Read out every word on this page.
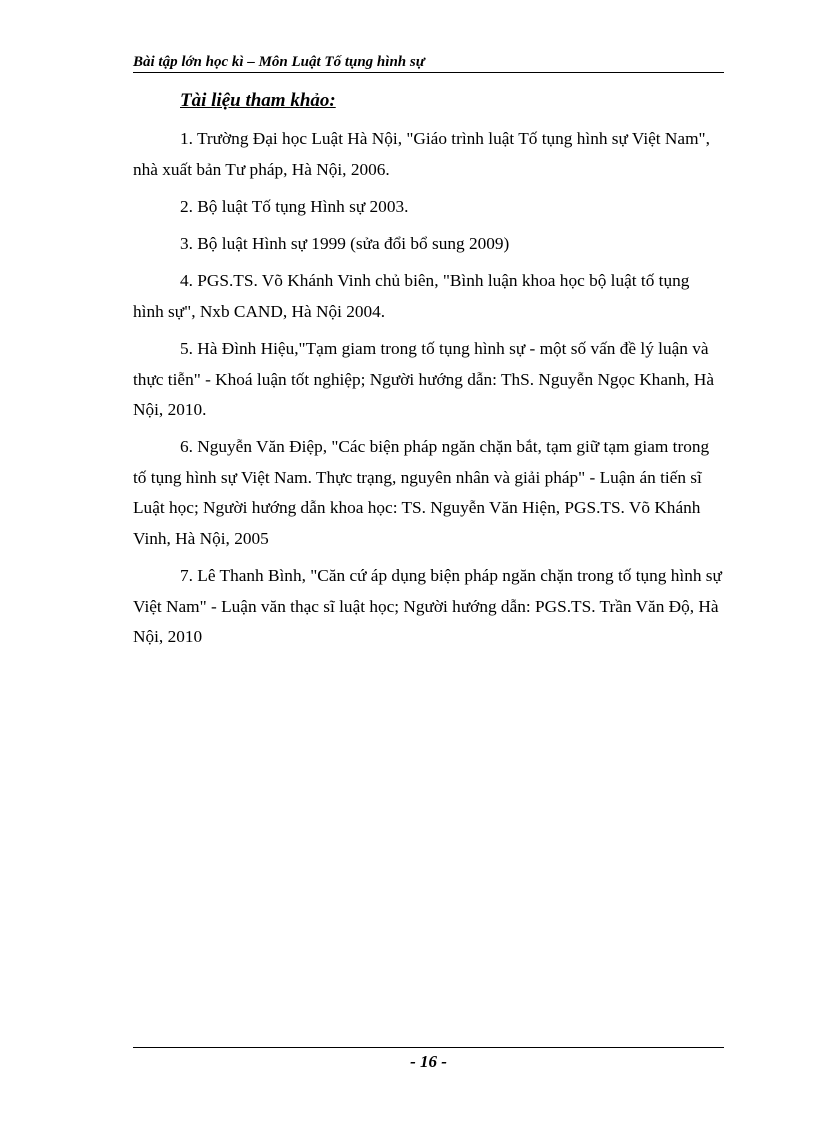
Bài tập lớn học kì – Môn Luật Tố tụng hình sự
Tài liệu tham khảo:

1. Trường Đại học Luật Hà Nội, "Giáo trình luật Tố tụng hình sự Việt Nam", nhà xuất bản Tư pháp, Hà Nội, 2006.

2. Bộ luật Tố tụng Hình sự 2003.

3. Bộ luật Hình sự 1999 (sửa đổi bổ sung 2009)

4. PGS.TS. Võ Khánh Vinh chủ biên, "Bình luận khoa học bộ luật tố tụng hình sự", Nxb CAND, Hà Nội 2004.

5. Hà Đình Hiệu,"Tạm giam trong tố tụng hình sự - một số vấn đề lý luận và thực tiễn" - Khoá luận tốt nghiệp; Người hướng dẫn: ThS. Nguyễn Ngọc Khanh, Hà Nội, 2010.

6. Nguyễn Văn Điệp, "Các biện pháp ngăn chặn bắt, tạm giữ tạm giam trong tố tụng hình sự Việt Nam. Thực trạng, nguyên nhân và giải pháp" - Luận án tiến sĩ Luật học; Người hướng dẫn khoa học: TS. Nguyễn Văn Hiện, PGS.TS. Võ Khánh Vinh, Hà Nội, 2005

7. Lê Thanh Bình, "Căn cứ áp dụng biện pháp ngăn chặn trong tố tụng hình sự Việt Nam" - Luận văn thạc sĩ luật học; Người hướng dẫn: PGS.TS. Trần Văn Độ, Hà Nội, 2010

- 16 -
